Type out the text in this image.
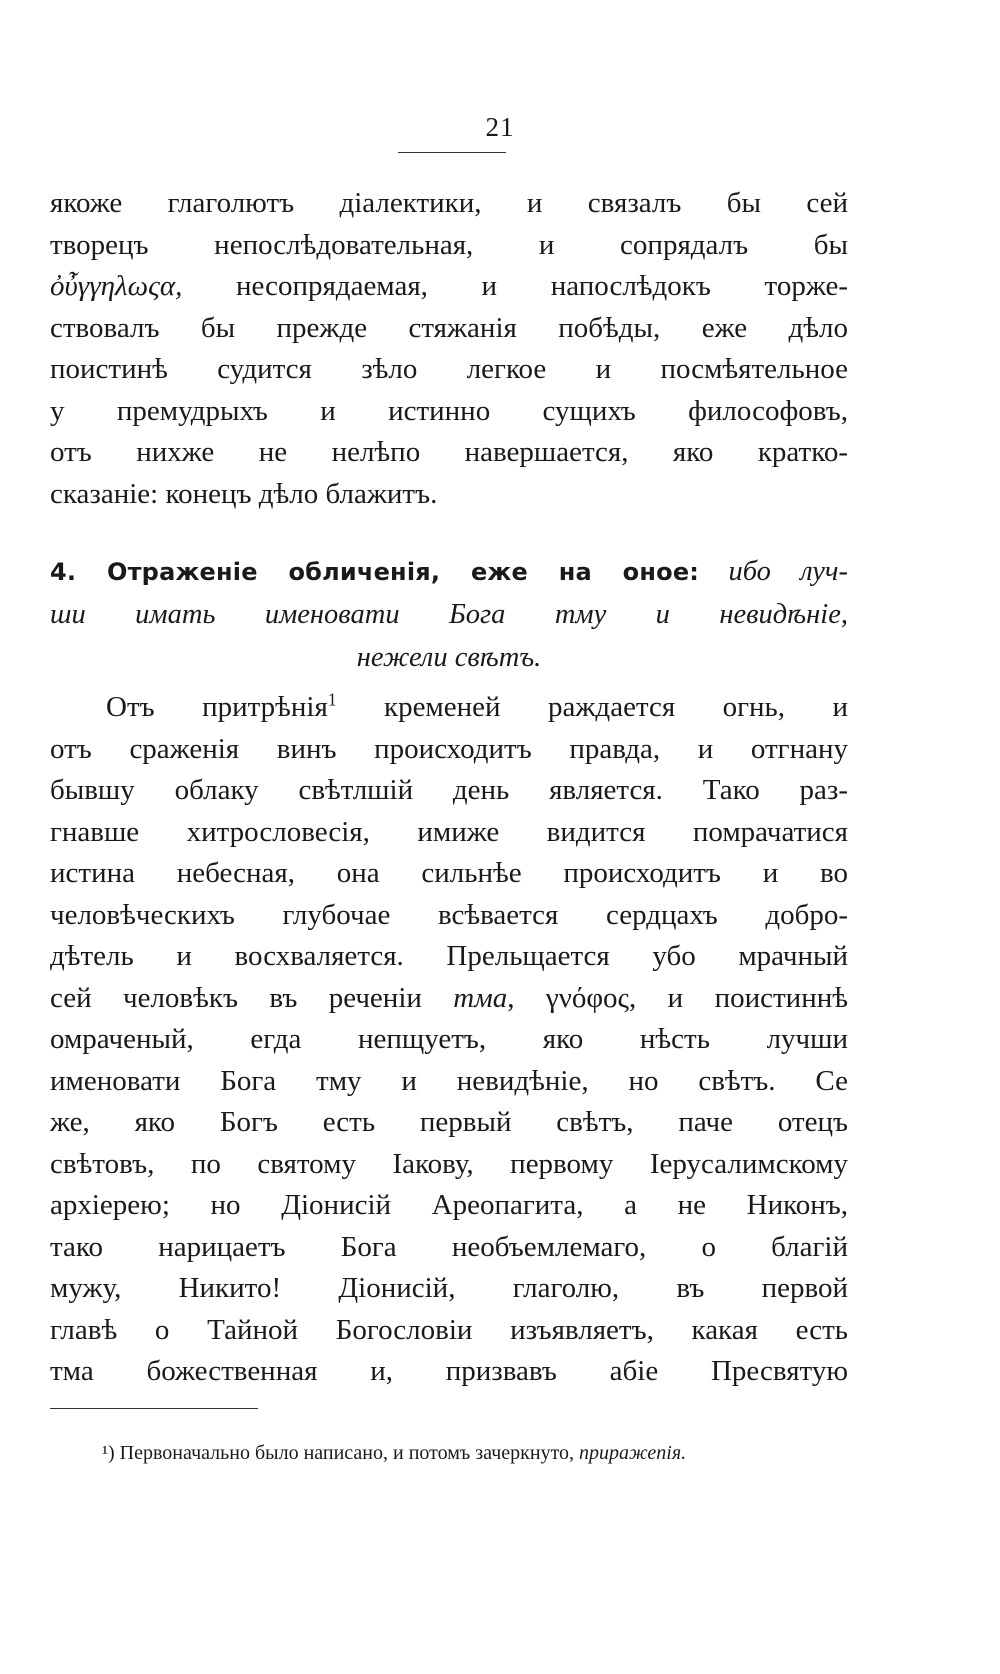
21
якоже глаголютъ діалектики, и связалъ бы сей
творецъ непослѣдовательная, и сопрядалъ бы
ὀὖγγηλωςα, несопрядаемая, и напослѣдокъ торже-
ствовалъ бы прежде стяжанія побѣды, еже дѣло
поистинѣ судится зѣло легкое и посмѣятельное
у премудрыхъ и истинно сущихъ философовъ,
отъ нихже не нелѣпо навершается, яко кратко-
сказаніе: конецъ дѣло блажитъ.
4. Отраженіе обличенія, еже на оное: ибо луч-
ши имать именовати Бога тму и невидѣніе,
нежели свѣтъ.
Отъ притрѣнія$^1$ кременей раждается огнь, и
отъ сраженія винъ происходитъ правда, и отгнану
бывшу облаку свѣтлшій день является. Тако раз-
гнавше хитрословесія, имиже видится помрачатися
истина небесная, она сильнѣе происходитъ и во
человѣческихъ глубочае всѣвается сердцахъ добро-
дѣтель и восхваляется. Прельщается убо мрачный
сей человѣкъ въ реченіи тма, γνόφος, и поистиннѣ
омраченый, егда непщуетъ, яко нѣсть лучши
именовати Бога тму и невидѣніе, но свѣтъ. Се
же, яко Богъ есть первый свѣтъ, паче отецъ
свѣтовъ, по святому Іакову, первому Іерусалимскому
архіерею; но Діонисій Ареопагита, а не Никонъ,
тако нарицаетъ Бога необъемлемаго, о благій
мужу, Никито! Діонисій, глаголю, въ первой
главѣ о Тайной Богословіи изъявляетъ, какая есть
тма божественная и, призвавъ абіе Пресвятую
¹) Первоначально было написано, и потомъ зачеркнуто, приражеnія.
